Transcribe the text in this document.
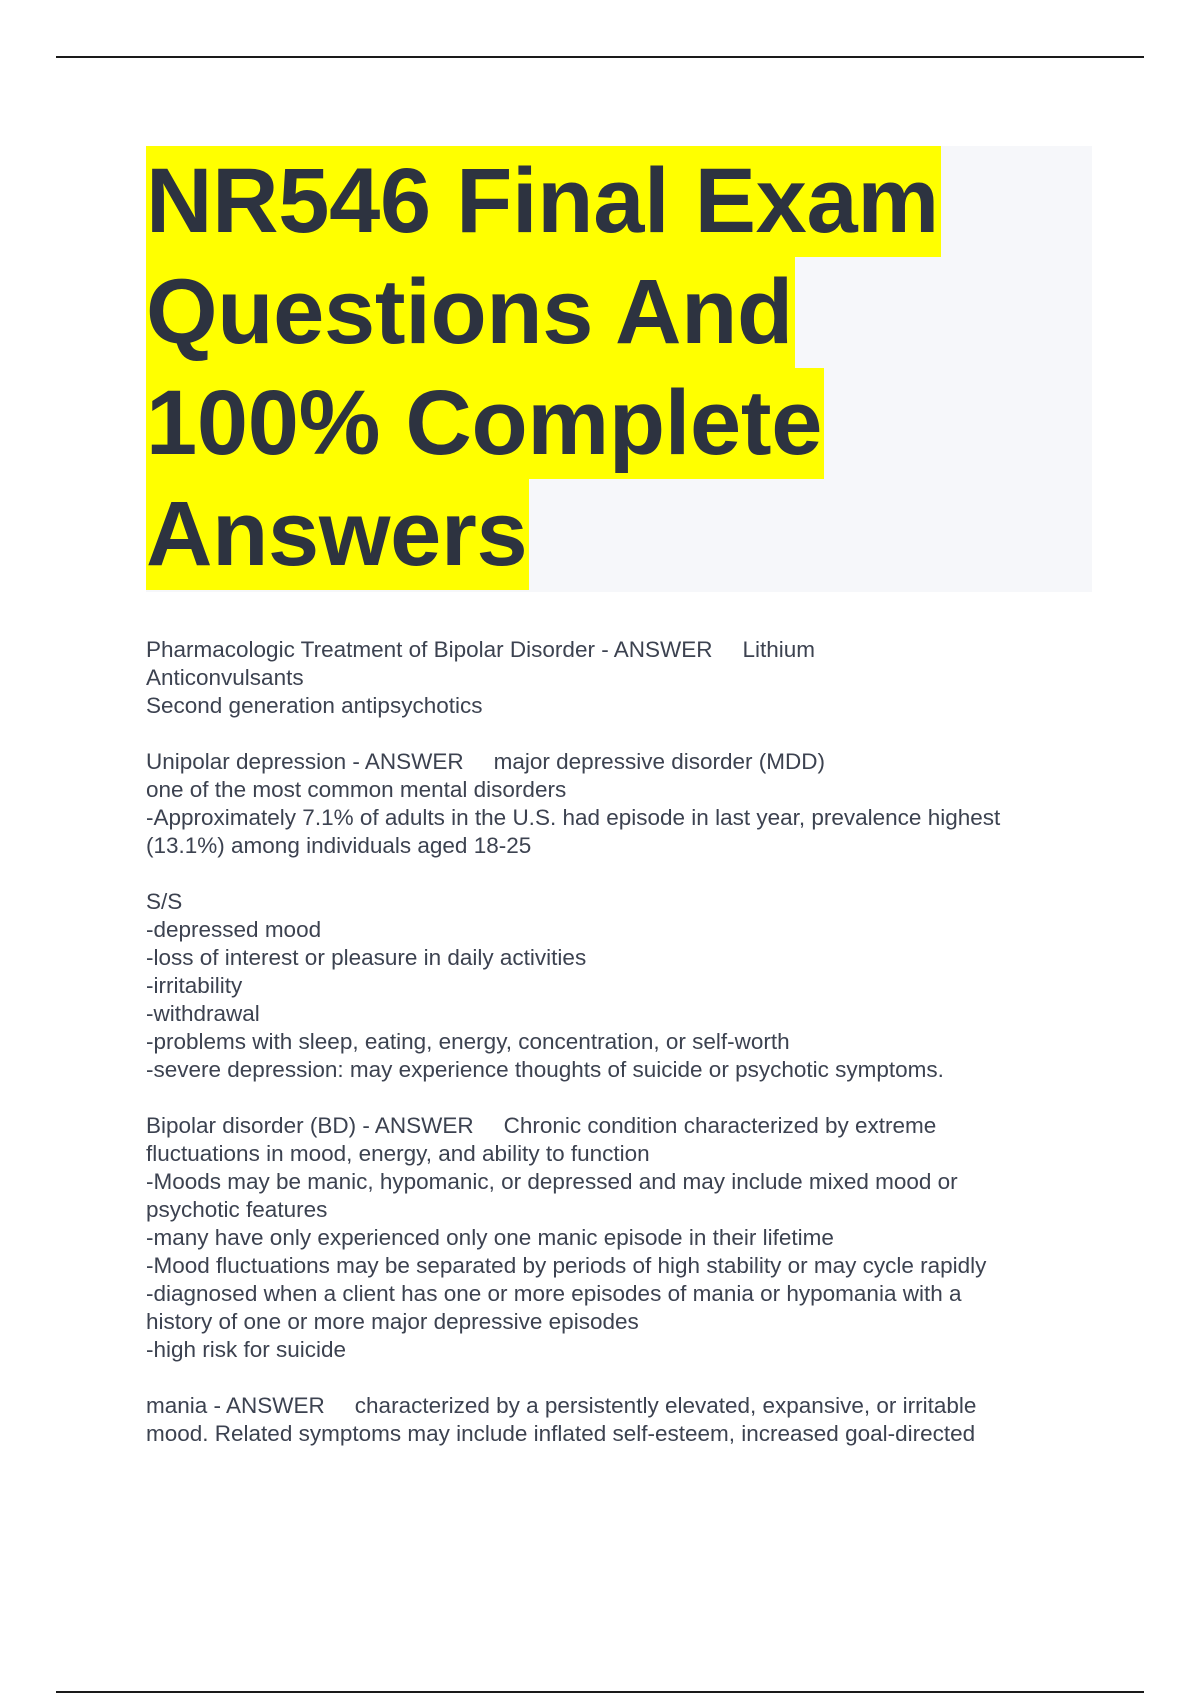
NR546 Final Exam
Questions And
100% Complete
Answers
Pharmacologic Treatment of Bipolar Disorder - ANSWER Lithium
Anticonvulsants
Second generation antipsychotics
Unipolar depression - ANSWER major depressive disorder (MDD)
one of the most common mental disorders
-Approximately 7.1% of adults in the U.S. had episode in last year, prevalence highest
(13.1%) among individuals aged 18-25
S/S
-depressed mood
-loss of interest or pleasure in daily activities
-irritability
-withdrawal
-problems with sleep, eating, energy, concentration, or self-worth
-severe depression: may experience thoughts of suicide or psychotic symptoms.
Bipolar disorder (BD) - ANSWER Chronic condition characterized by extreme
fluctuations in mood, energy, and ability to function
-Moods may be manic, hypomanic, or depressed and may include mixed mood or
psychotic features
-many have only experienced only one manic episode in their lifetime
-Mood fluctuations may be separated by periods of high stability or may cycle rapidly
-diagnosed when a client has one or more episodes of mania or hypomania with a
history of one or more major depressive episodes
-high risk for suicide
mania - ANSWER characterized by a persistently elevated, expansive, or irritable
mood. Related symptoms may include inflated self-esteem, increased goal-directed
